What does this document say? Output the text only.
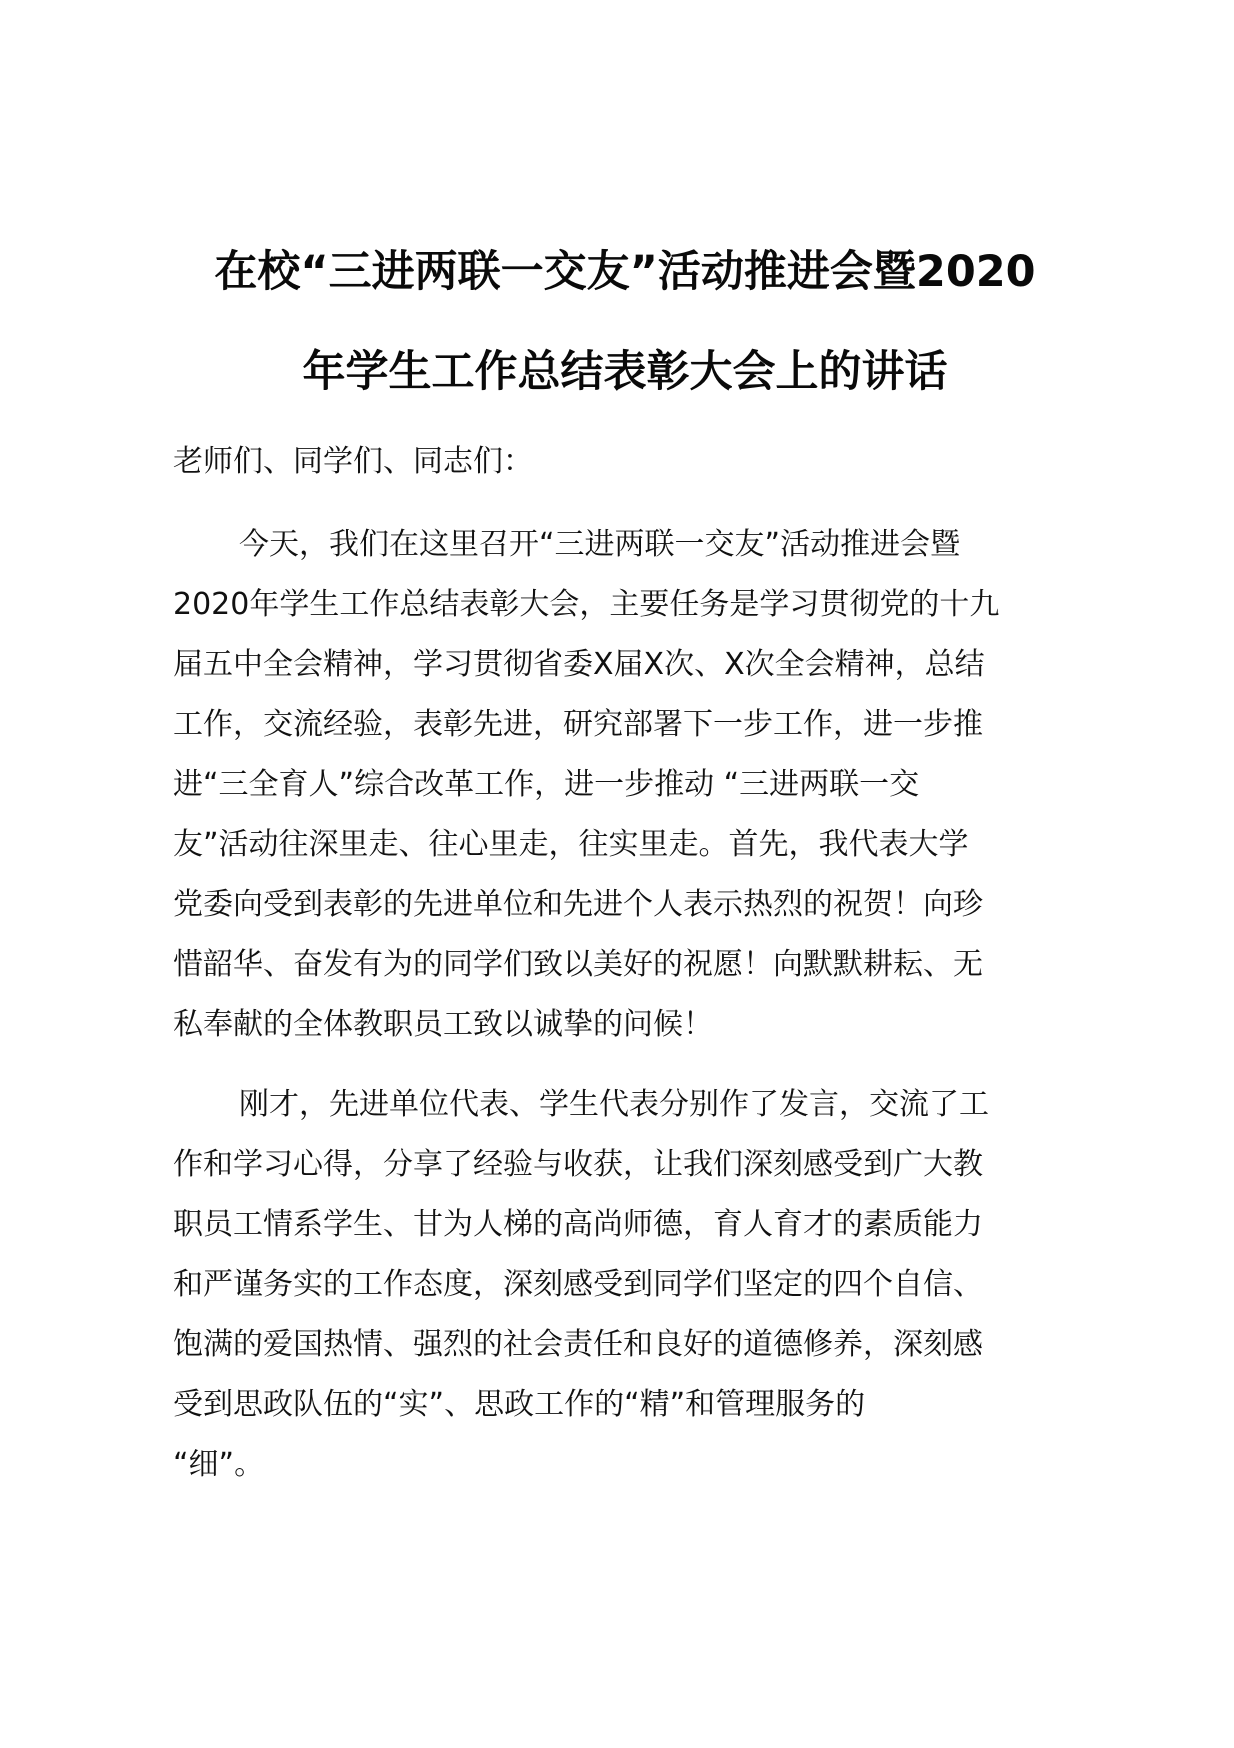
在校“三进两联一交友”活动推进会暨2020
年学生工作总结表彰大会上的讲话

老师们、同学们、同志们：

今天，我们在这里召开“三进两联一交友”活动推进会暨
2020年学生工作总结表彰大会，主要任务是学习贯彻党的十九
届五中全会精神，学习贯彻省委X届X次、X次全会精神，总结
工作，交流经验，表彰先进，研究部署下一步工作，进一步推
进“三全育人”综合改革工作，进一步推动 “三进两联一交
友”活动往深里走、往心里走，往实里走。首先，我代表大学
党委向受到表彰的先进单位和先进个人表示热烈的祝贺！向珍
惜韶华、奋发有为的同学们致以美好的祝愿！向默默耕耘、无
私奉献的全体教职员工致以诚挚的问候！

刚才，先进单位代表、学生代表分别作了发言，交流了工
作和学习心得，分享了经验与收获，让我们深刻感受到广大教
职员工情系学生、甘为人梯的高尚师德，育人育才的素质能力
和严谨务实的工作态度，深刻感受到同学们坚定的四个自信、
饱满的爱国热情、强烈的社会责任和良好的道德修养，深刻感
受到思政队伍的“实”、思政工作的“精”和管理服务的
“细”。
